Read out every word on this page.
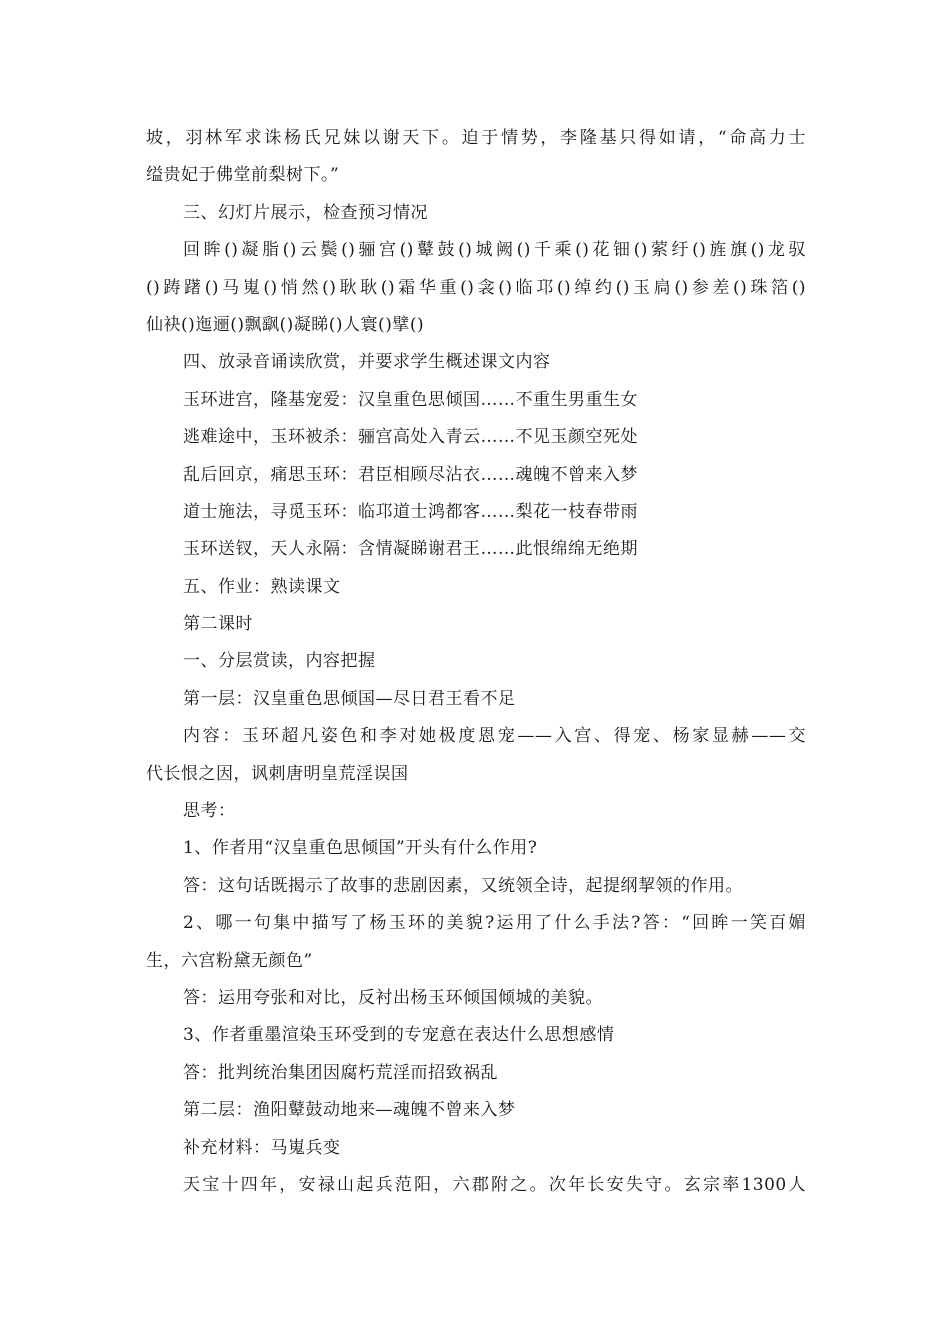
坡，羽林军求诛杨氏兄妹以谢天下。迫于情势，李隆基只得如请，“命高力士
缢贵妃于佛堂前梨树下。”
三、幻灯片展示，检查预习情况
回眸()凝脂()云鬓()骊宫()鼙鼓()城阙()千乘()花钿()萦纡()旌旗()龙驭
()踌躇()马嵬()悄然()耿耿()霜华重()衾()临邛()绰约()玉扃()参差()珠箔()
仙袂()迤逦()飘飖()凝睇()人寰()擘()
四、放录音诵读欣赏，并要求学生概述课文内容
玉环进宫，隆基宠爱：汉皇重色思倾国……不重生男重生女
逃难途中，玉环被杀：骊宫高处入青云……不见玉颜空死处
乱后回京，痛思玉环：君臣相顾尽沾衣……魂魄不曾来入梦
道士施法，寻觅玉环：临邛道士鸿都客……梨花一枝春带雨
玉环送钗，天人永隔：含情凝睇谢君王……此恨绵绵无绝期
五、作业：熟读课文
第二课时
一、分层赏读，内容把握
第一层：汉皇重色思倾国—尽日君王看不足
内容：玉环超凡姿色和李对她极度恩宠——入宫、得宠、杨家显赫——交
代长恨之因，讽刺唐明皇荒淫误国
思考：
1、作者用“汉皇重色思倾国”开头有什么作用?
答：这句话既揭示了故事的悲剧因素，又统领全诗，起提纲挈领的作用。
2、哪一句集中描写了杨玉环的美貌?运用了什么手法?答：“回眸一笑百媚
生，六宫粉黛无颜色”
答：运用夸张和对比，反衬出杨玉环倾国倾城的美貌。
3、作者重墨渲染玉环受到的专宠意在表达什么思想感情
答：批判统治集团因腐朽荒淫而招致祸乱
第二层：渔阳鼙鼓动地来—魂魄不曾来入梦
补充材料：马嵬兵变
天宝十四年，安禄山起兵范阳，六郡附之。次年长安失守。玄宗率1300人
